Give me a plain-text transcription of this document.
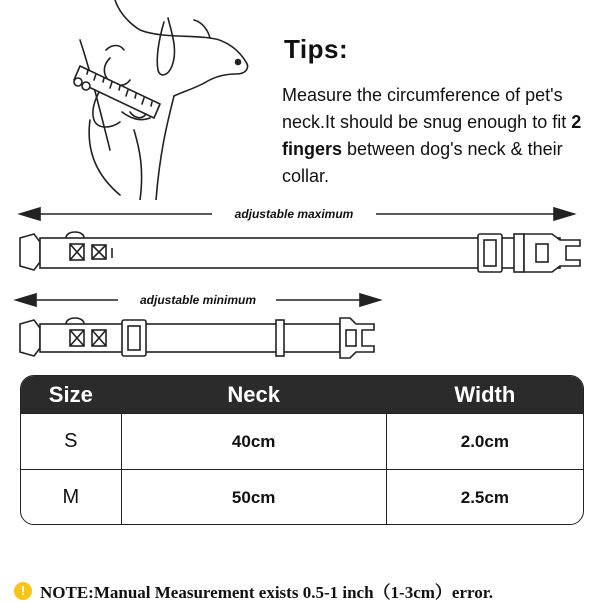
Tips:
Measure the circumference of pet's neck.It should be snug enough to fit 2 fingers between dog's neck & their collar.
adjustable maximum
adjustable minimum
Size	Neck	Width
S	40cm	2.0cm
M	50cm	2.5cm
! NOTE:Manual Measurement exists 0.5-1 inch（1-3cm）error.
